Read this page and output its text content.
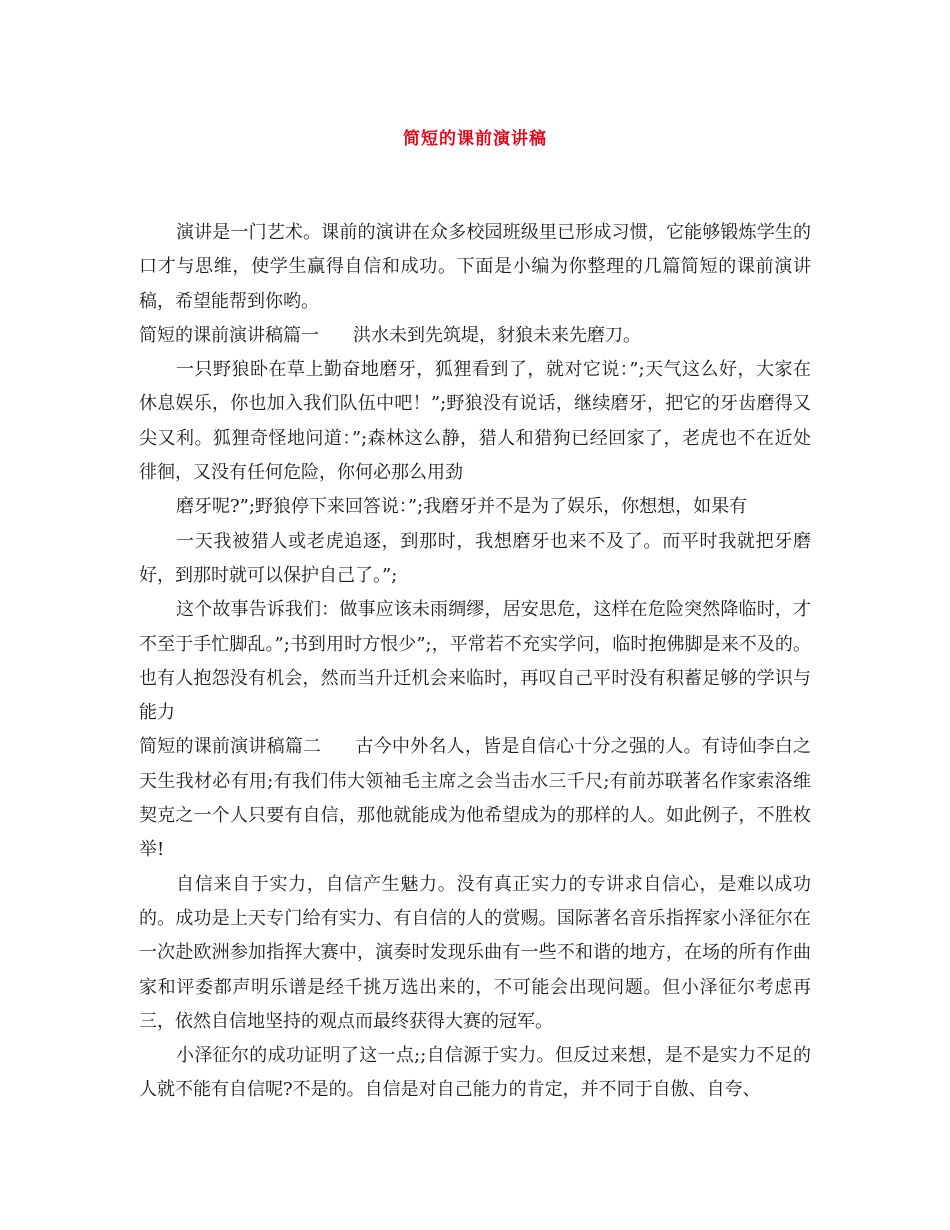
简短的课前演讲稿

演讲是一门艺术。课前的演讲在众多校园班级里已形成习惯，它能够锻炼学生的口才与思维，使学生赢得自信和成功。下面是小编为你整理的几篇简短的课前演讲稿，希望能帮到你哟。

简短的课前演讲稿篇一 洪水未到先筑堤，豺狼未来先磨刀。

一只野狼卧在草上勤奋地磨牙，狐狸看到了，就对它说：”;天气这么好，大家在休息娱乐，你也加入我们队伍中吧！”;野狼没有说话，继续磨牙，把它的牙齿磨得又尖又利。狐狸奇怪地问道：”;森林这么静，猎人和猎狗已经回家了，老虎也不在近处徘徊，又没有任何危险，你何必那么用劲

磨牙呢?”;野狼停下来回答说：”;我磨牙并不是为了娱乐，你想想，如果有

一天我被猎人或老虎追逐，到那时，我想磨牙也来不及了。而平时我就把牙磨好，到那时就可以保护自己了。”;

这个故事告诉我们：做事应该未雨绸缪，居安思危，这样在危险突然降临时，才不至于手忙脚乱。”;书到用时方恨少”;，平常若不充实学问，临时抱佛脚是来不及的。也有人抱怨没有机会，然而当升迁机会来临时，再叹自己平时没有积蓄足够的学识与能力

简短的课前演讲稿篇二 古今中外名人，皆是自信心十分之强的人。有诗仙李白之天生我材必有用;有我们伟大领袖毛主席之会当击水三千尺;有前苏联著名作家索洛维契克之一个人只要有自信，那他就能成为他希望成为的那样的人。如此例子，不胜枚举!

自信来自于实力，自信产生魅力。没有真正实力的专讲求自信心，是难以成功的。成功是上天专门给有实力、有自信的人的赏赐。国际著名音乐指挥家小泽征尔在一次赴欧洲参加指挥大赛中，演奏时发现乐曲有一些不和谐的地方，在场的所有作曲家和评委都声明乐谱是经千挑万选出来的，不可能会出现问题。但小泽征尔考虑再三，依然自信地坚持的观点而最终获得大赛的冠军。

小泽征尔的成功证明了这一点;;自信源于实力。但反过来想，是不是实力不足的人就不能有自信呢?不是的。自信是对自己能力的肯定，并不同于自傲、自夸、
